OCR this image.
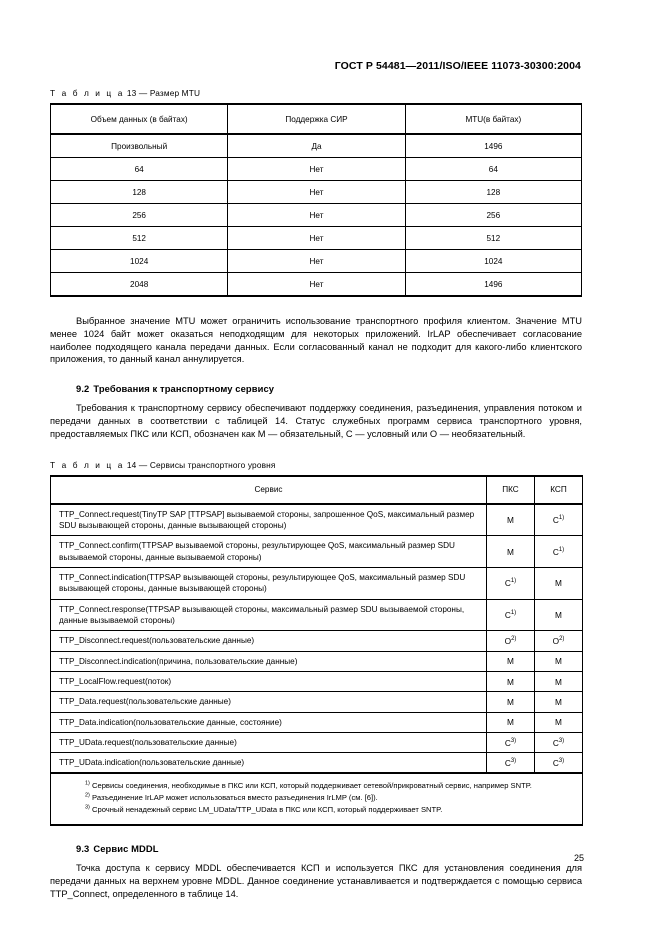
ГОСТ Р 54481—2011/ISO/IEEE 11073-30300:2004
Т а б л и ц а 13 — Размер MTU
Объем данных (в байтах)	Поддержка СИР	MTU(в байтах)
Произвольный	Да	1496
64	Нет	64
128	Нет	128
256	Нет	256
512	Нет	512
1024	Нет	1024
2048	Нет	1496

Выбранное значение MTU может ограничить использование транспортного профиля клиентом. Значение MTU менее 1024 байт может оказаться неподходящим для некоторых приложений. IrLAP обеспечивает согласование наиболее подходящего канала передачи данных. Если согласованный канал не подходит для какого-либо клиентского приложения, то данный канал аннулируется.

9.2 Требования к транспортному сервису

Требования к транспортному сервису обеспечивают поддержку соединения, разъединения, управления потоком и передачи данных в соответствии с таблицей 14. Статус служебных программ сервиса транспортного уровня, предоставляемых ПКС или КСП, обозначен как М — обязательный, С — условный или О — необязательный.

Т а б л и ц а 14 — Сервисы транспортного уровня
Сервис	ПКС	КСП
TTP_Connect.request(TinyTP SAP [TTPSAP] вызываемой стороны, запрошенное QoS, максимальный размер SDU вызывающей стороны, данные вызывающей стороны)	М	$С^{1)}$
TTP_Connect.confirm(TTPSAP вызываемой стороны, результирующее QoS, максимальный размер SDU вызываемой стороны, данные вызываемой стороны)	М	$С^{1)}$
TTP_Connect.indication(TTPSAP вызывающей стороны, результирующее QoS, максимальный размер SDU вызывающей стороны, данные вызывающей стороны)	$С^{1)}$	М
TTP_Connect.response(TTPSAP вызывающей стороны, максимальный размер SDU вызываемой стороны, данные вызываемой стороны)	$С^{1)}$	М
TTP_Disconnect.request(пользовательские данные)	$О^{2)}$	$О^{2)}$
TTP_Disconnect.indication(причина, пользовательские данные)	М	М
TTP_LocalFlow.request(поток)	М	М
TTP_Data.request(пользовательские данные)	М	М
TTP_Data.indication(пользовательские данные, состояние)	М	М
TTP_UData.request(пользовательские данные)	$С^{3)}$	$С^{3)}$
TTP_UData.indication(пользовательские данные)	$С^{3)}$	$С^{3)}$

$^{1)}$ Сервисы соединения, необходимые в ПКС или КСП, который поддерживает сетевой/прикроватный сервис, например SNTP.

$^{2)}$ Разъединение IrLAP может использоваться вместо разъединения IrLMP (см. [6]).

$^{3)}$ Срочный ненадежный сервис LM_UData/TTP_UData в ПКС или КСП, который поддерживает SNTP.		

9.3 Сервис MDDL

Точка доступа к сервису MDDL обеспечивается КСП и используется ПКС для установления соединения для передачи данных на верхнем уровне MDDL. Данное соединение устанавливается и подтверждается с помощью сервиса TTP_Connect, определенного в таблице 14.

25
